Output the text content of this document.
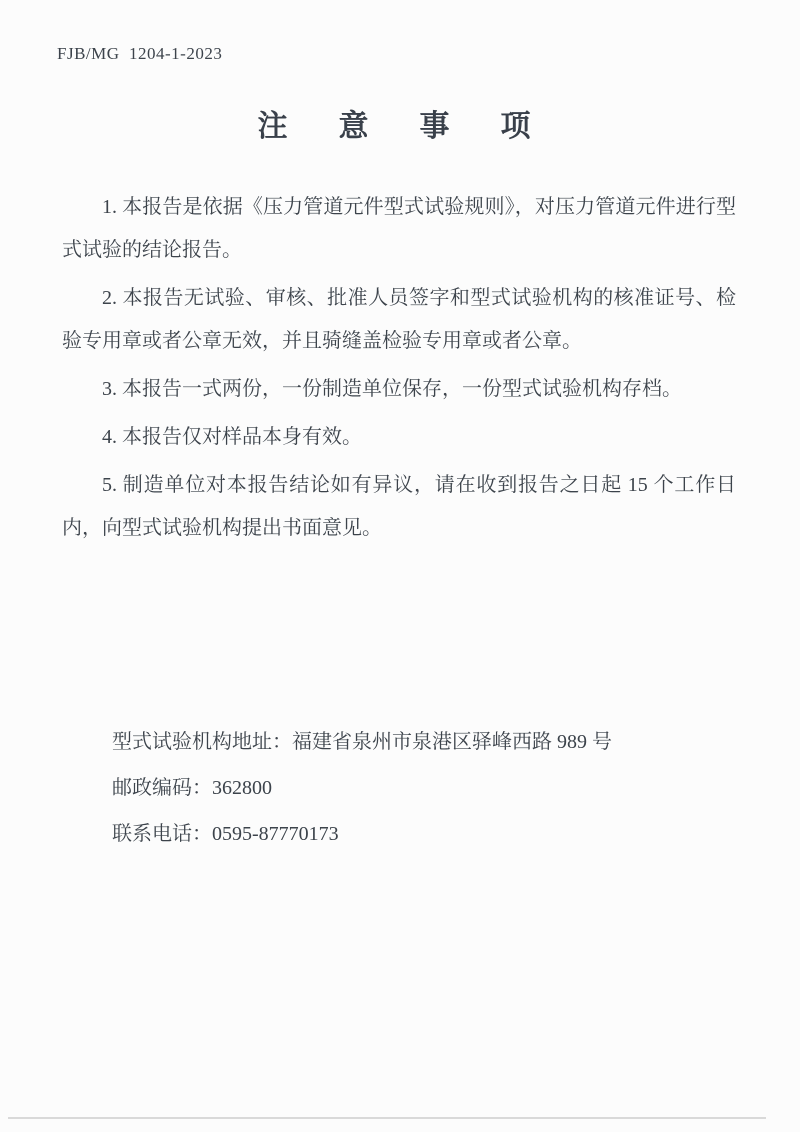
FJB/MG  1204-1-2023
注  意  事  项

1. 本报告是依据《压力管道元件型式试验规则》，对压力管道元件进行型式试验的结论报告。

2. 本报告无试验、审核、批准人员签字和型式试验机构的核准证号、检验专用章或者公章无效，并且骑缝盖检验专用章或者公章。

3. 本报告一式两份，一份制造单位保存，一份型式试验机构存档。

4. 本报告仅对样品本身有效。

5. 制造单位对本报告结论如有异议，请在收到报告之日起 15 个工作日内，向型式试验机构提出书面意见。

型式试验机构地址：福建省泉州市泉港区驿峰西路 989 号
邮政编码：362800
联系电话：0595-87770173
